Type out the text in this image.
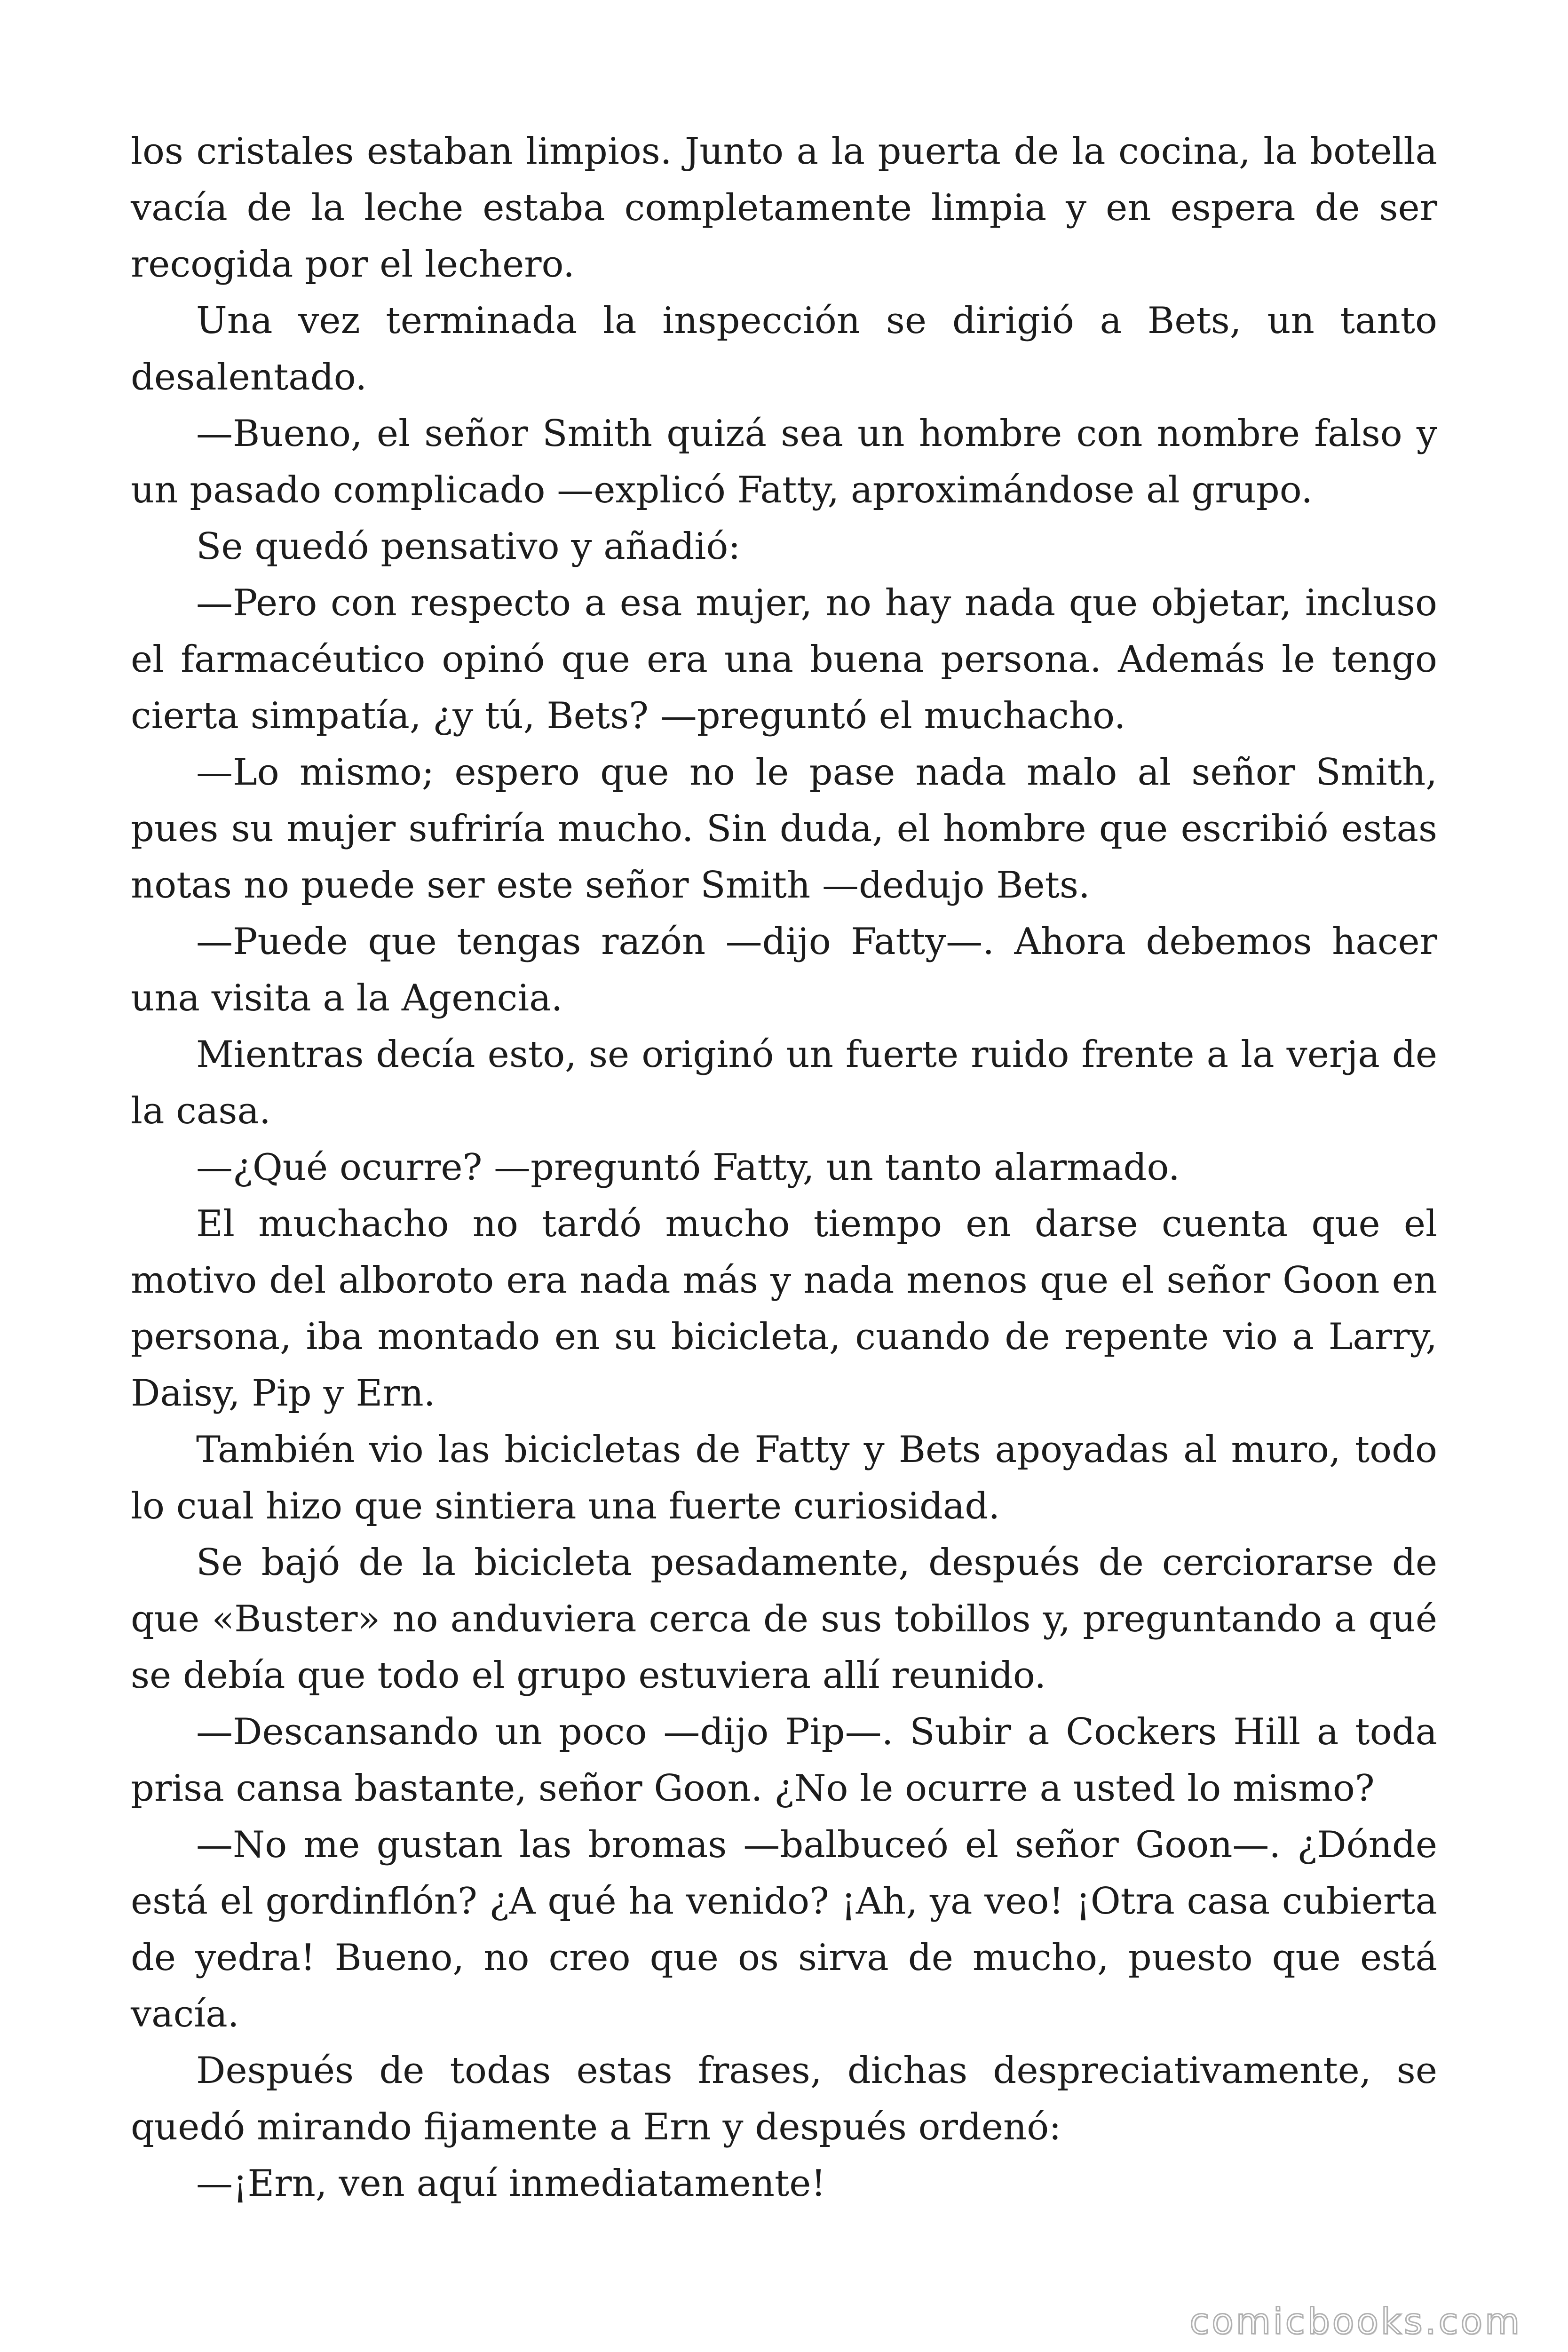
los cristales estaban limpios. Junto a la puerta de la cocina, la botella vacía de la leche estaba completamente limpia y en espera de ser recogida por el lechero.

Una vez terminada la inspección se dirigió a Bets, un tanto desalentado.

—Bueno, el señor Smith quizá sea un hombre con nombre falso y un pasado complicado —explicó Fatty, aproximándose al grupo.

Se quedó pensativo y añadió:

—Pero con respecto a esa mujer, no hay nada que objetar, incluso el farmacéutico opinó que era una buena persona. Además le tengo cierta simpatía, ¿y tú, Bets? —preguntó el muchacho.

—Lo mismo; espero que no le pase nada malo al señor Smith, pues su mujer sufriría mucho. Sin duda, el hombre que escribió estas notas no puede ser este señor Smith —dedujo Bets.

—Puede que tengas razón —dijo Fatty—. Ahora debemos hacer una visita a la Agencia.

Mientras decía esto, se originó un fuerte ruido frente a la verja de la casa.

—¿Qué ocurre? —preguntó Fatty, un tanto alarmado.

El muchacho no tardó mucho tiempo en darse cuenta que el motivo del alboroto era nada más y nada menos que el señor Goon en persona, iba montado en su bicicleta, cuando de repente vio a Larry, Daisy, Pip y Ern.

También vio las bicicletas de Fatty y Bets apoyadas al muro, todo lo cual hizo que sintiera una fuerte curiosidad.

Se bajó de la bicicleta pesadamente, después de cerciorarse de que «Buster» no anduviera cerca de sus tobillos y, preguntando a qué se debía que todo el grupo estuviera allí reunido.

—Descansando un poco —dijo Pip—. Subir a Cockers Hill a toda prisa cansa bastante, señor Goon. ¿No le ocurre a usted lo mismo?

—No me gustan las bromas —balbuceó el señor Goon—. ¿Dónde está el gordinflón? ¿A qué ha venido? ¡Ah, ya veo! ¡Otra casa cubierta de yedra! Bueno, no creo que os sirva de mucho, puesto que está vacía.

Después de todas estas frases, dichas despreciativamente, se quedó mirando fijamente a Ern y después ordenó:

—¡Ern, ven aquí inmediatamente!

comicbooks.com
